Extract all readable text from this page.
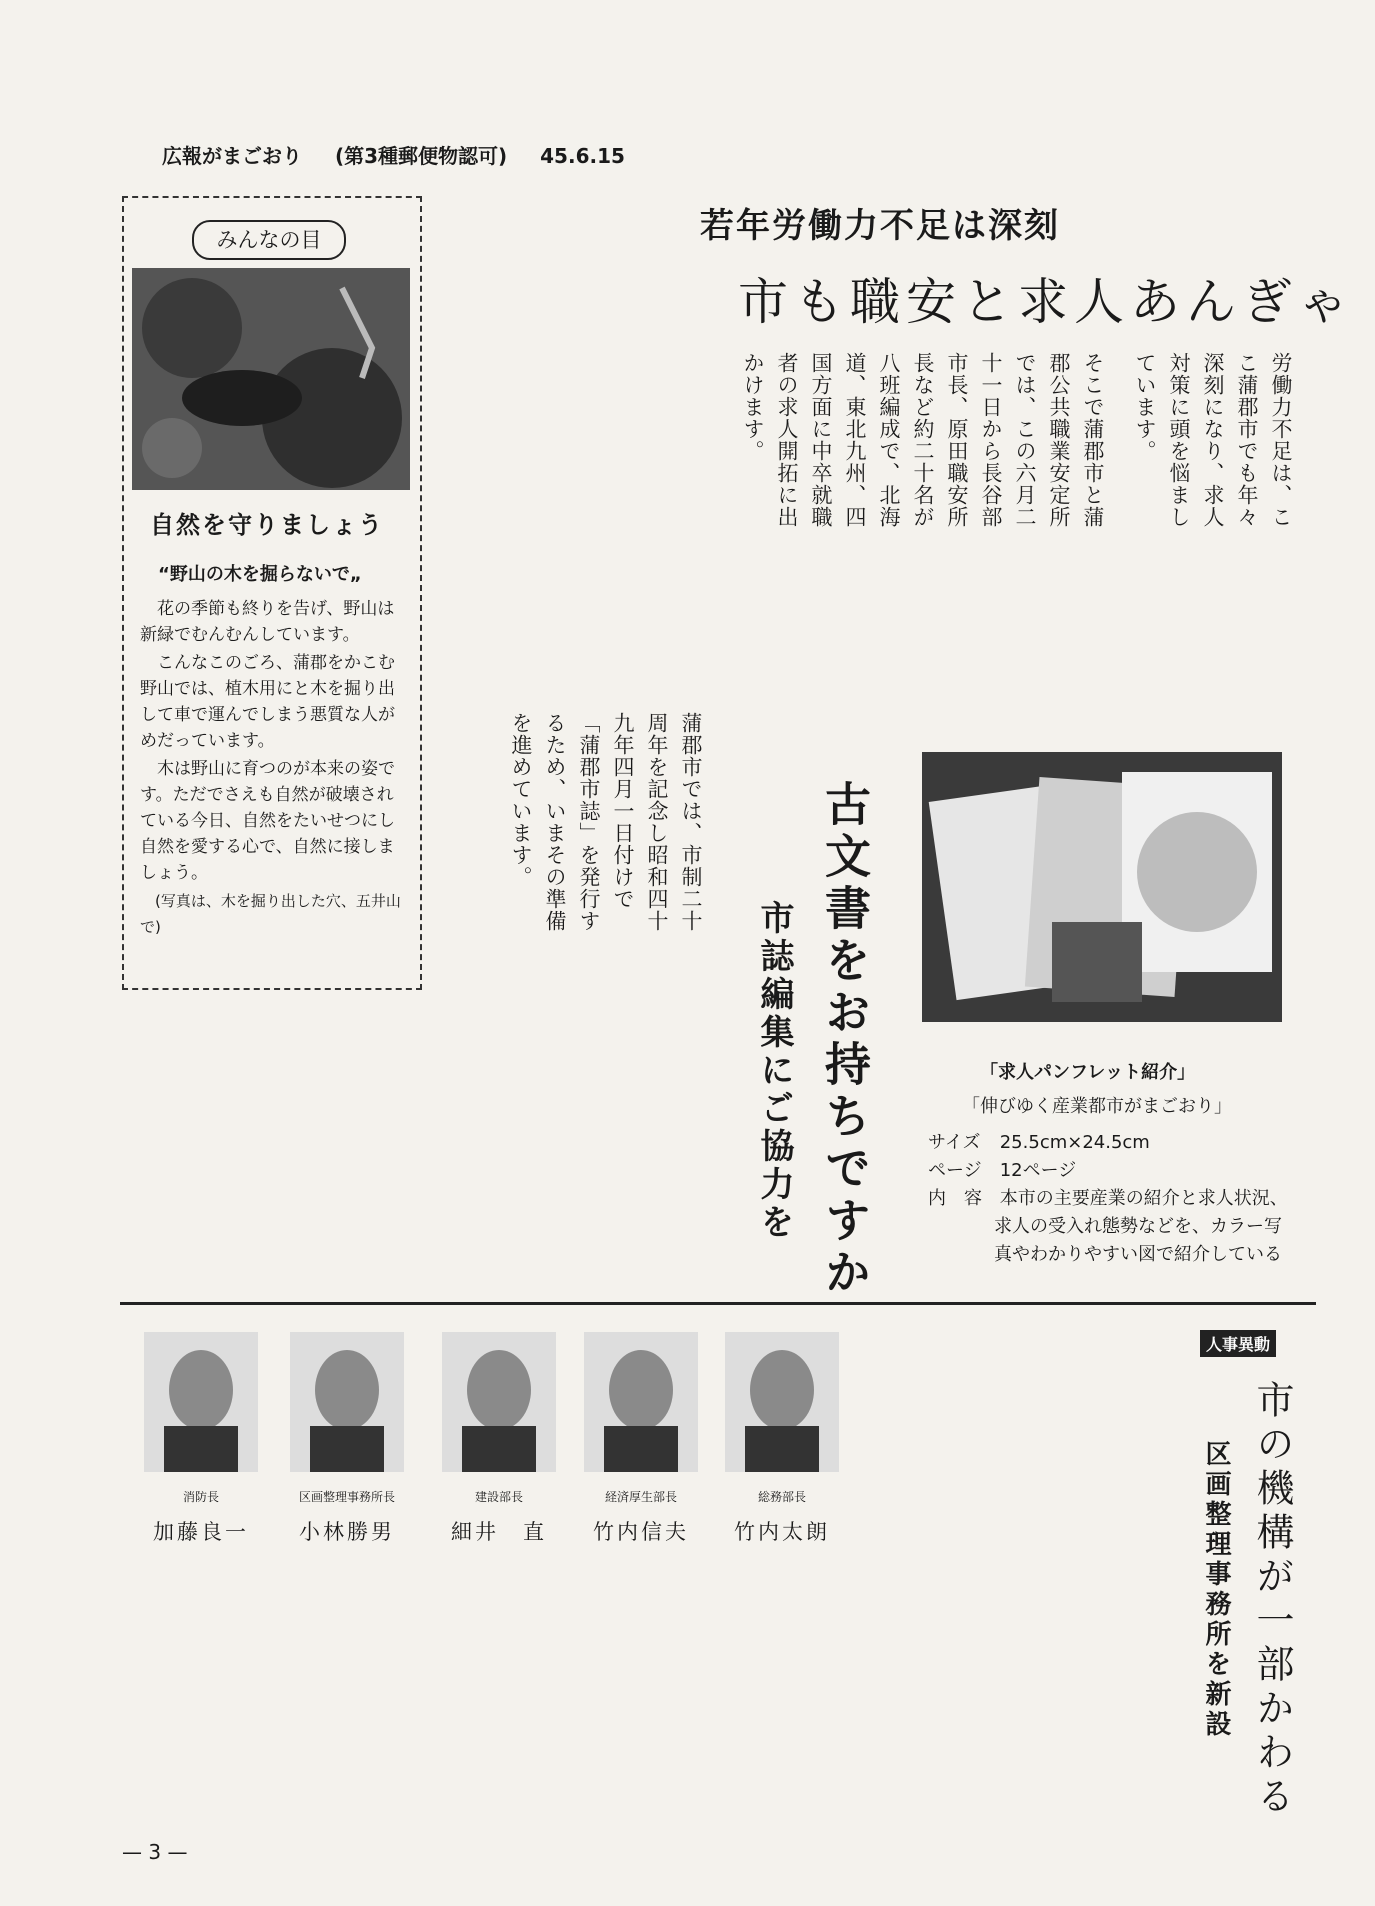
広報がまごおり (第3種郵便物認可) 45.6.15
みんなの目
自然を守りましょう
“野山の木を掘らないで„

花の季節も終りを告げ、野山は新緑でむんむんしています。

こんなこのごろ、蒲郡をかこむ野山では、植木用にと木を掘り出して車で運んでしまう悪質な人がめだっています。

木は野山に育つのが本来の姿です。ただでさえも自然が破壊されている今日、自然をたいせつにし自然を愛する心で、自然に接しましょう。

(写真は、木を掘り出した穴、五井山で)

若年労働力不足は深刻
市も職安と求人あんぎゃ
労働力不足は、ここ蒲郡市でも年々深刻になり、求人対策に頭を悩ましています。
そこで蒲郡市と蒲郡公共職業安定所では、この六月二十一日から長谷部市長、原田職安所長など約二十名が八班編成で、北海道、東北九州、四国方面に中卒就職者の求人開拓に出かけます。
古文書をお持ちですか
市誌編集にご協力を
蒲郡市では、市制二十周年を記念し昭和四十九年四月一日付けで「蒲郡市誌」を発行するため、いまその準備を進めています。
「求人パンフレット紹介」
「伸びゆく産業都市がまごおり」
サイズ 25.5cm×24.5cm
ページ 12ページ
内　容 本市の主要産業の紹介と求人状況、
求人の受入れ態勢などを、カラー写
真やわかりやすい図で紹介している
人事異動
市の機構が一部かわる
区画整理事務所を新設
総務部長
竹内太朗
経済厚生部長
竹内信夫
建設部長
細井　直
区画整理事務所長
小林勝男
消防長
加藤良一
— 3 —
